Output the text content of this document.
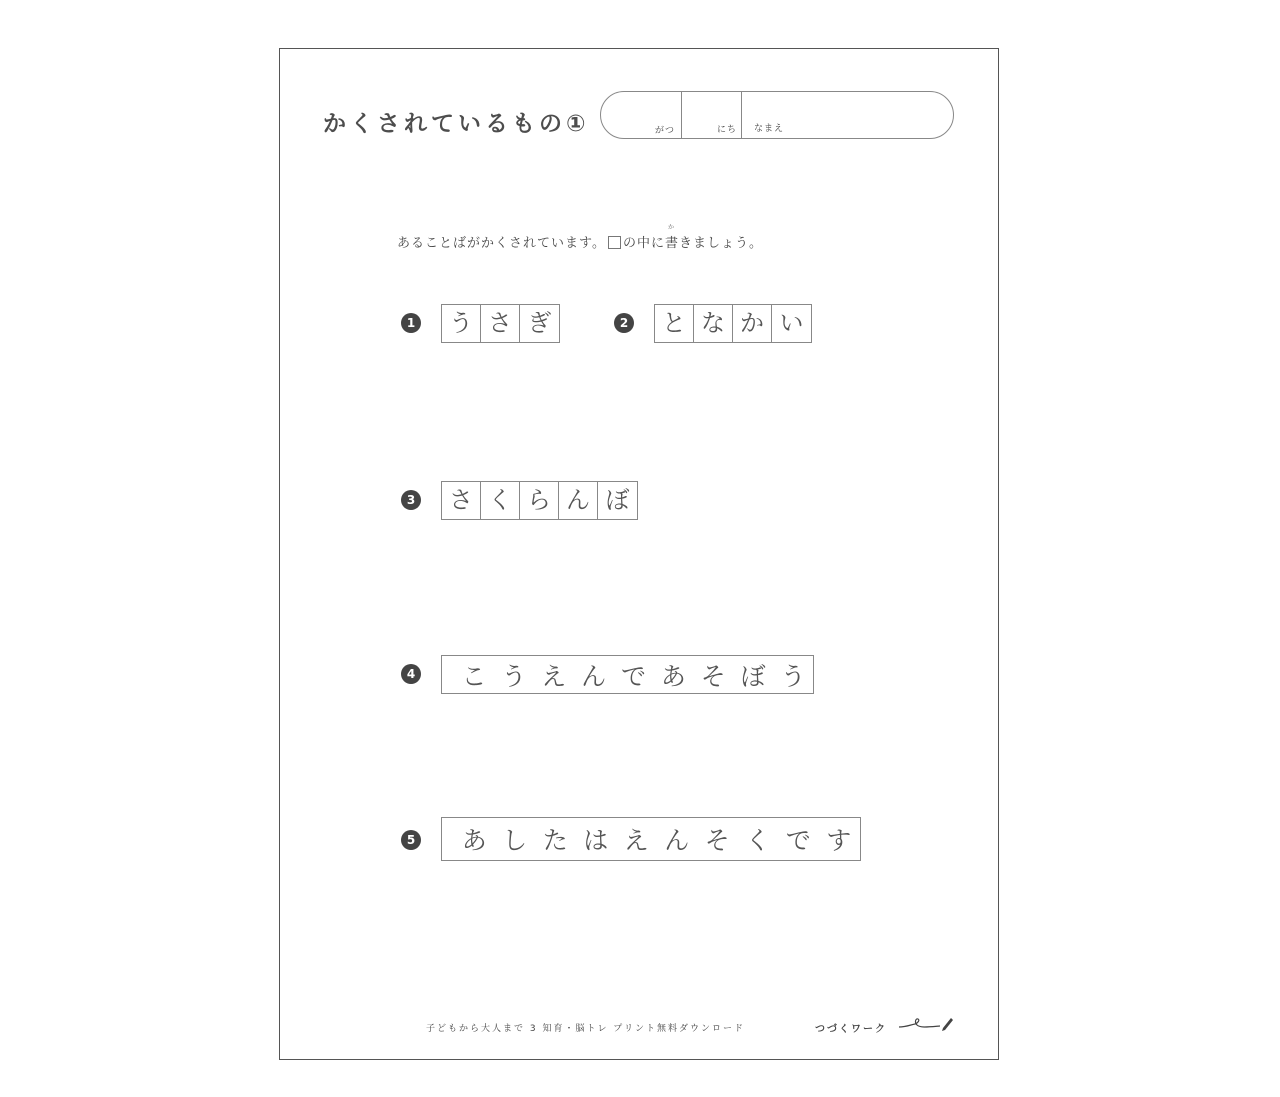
かくされているもの①	がつ	にち なまえ
あることばがかくされています。 の中に
か
書きましょう。
1 う さ ぎ	2 と な か い
3 さ く ら ん ぼ
4 こ う え ん で あ そ ぼ う
5	あ し た は え ん そ く で す
子どもから大人まで 3 知育・脳トレ プリント無料ダウンロード	つづくワーク
